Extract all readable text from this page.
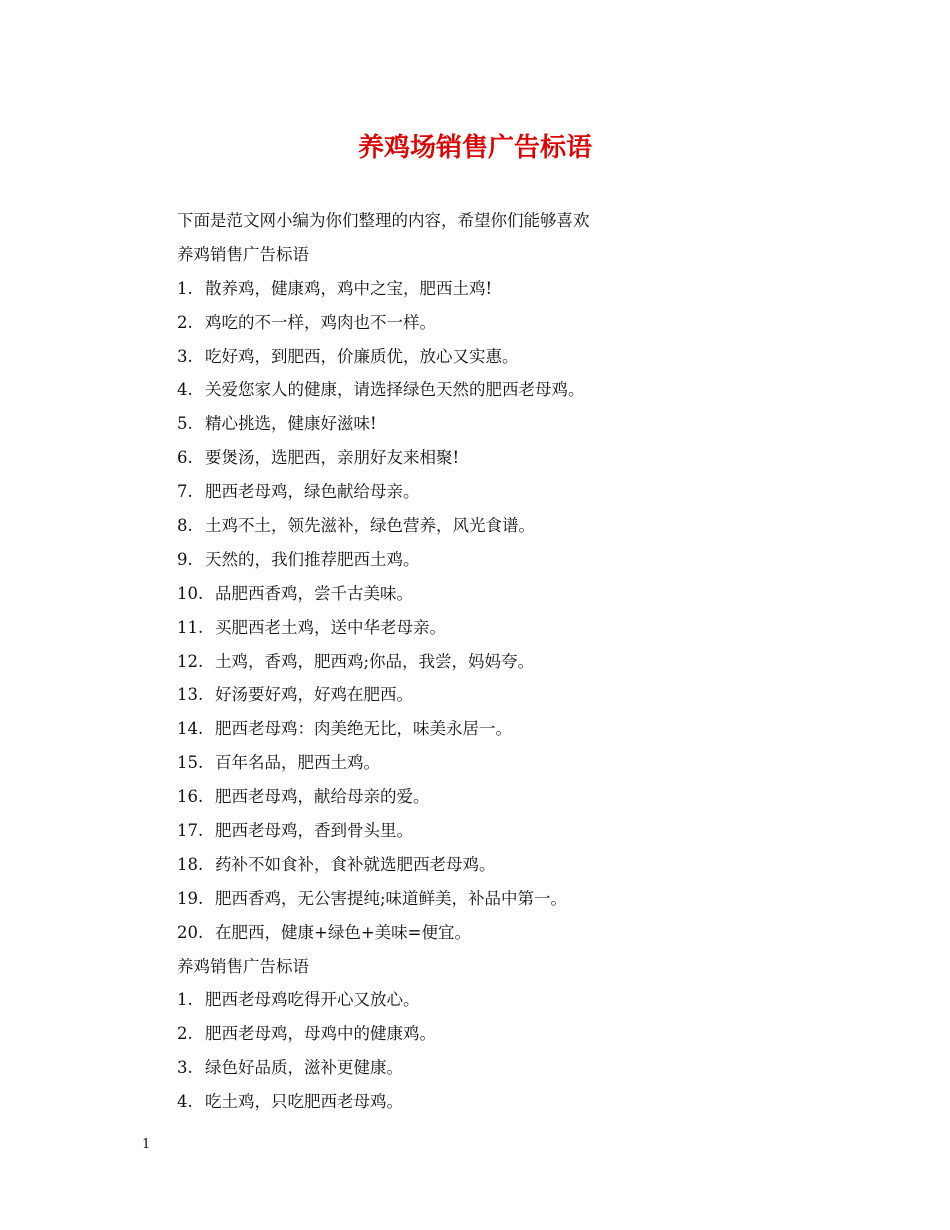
养鸡场销售广告标语
下面是范文网小编为你们整理的内容，希望你们能够喜欢
养鸡销售广告标语
1. 散养鸡，健康鸡，鸡中之宝，肥西土鸡!
2. 鸡吃的不一样，鸡肉也不一样。
3. 吃好鸡，到肥西，价廉质优，放心又实惠。
4. 关爱您家人的健康，请选择绿色天然的肥西老母鸡。
5. 精心挑选，健康好滋味!
6. 要煲汤，选肥西，亲朋好友来相聚!
7. 肥西老母鸡，绿色献给母亲。
8. 土鸡不土，领先滋补，绿色营养，风光食谱。
9. 天然的，我们推荐肥西土鸡。
10. 品肥西香鸡，尝千古美味。
11. 买肥西老土鸡，送中华老母亲。
12. 土鸡，香鸡，肥西鸡;你品，我尝，妈妈夸。
13. 好汤要好鸡，好鸡在肥西。
14. 肥西老母鸡：肉美绝无比，味美永居一。
15. 百年名品，肥西土鸡。
16. 肥西老母鸡，献给母亲的爱。
17. 肥西老母鸡，香到骨头里。
18. 药补不如食补，食补就选肥西老母鸡。
19. 肥西香鸡，无公害提纯;味道鲜美，补品中第一。
20. 在肥西，健康+绿色+美味=便宜。
养鸡销售广告标语
1. 肥西老母鸡吃得开心又放心。
2. 肥西老母鸡，母鸡中的健康鸡。
3. 绿色好品质，滋补更健康。
4. 吃土鸡，只吃肥西老母鸡。
1
